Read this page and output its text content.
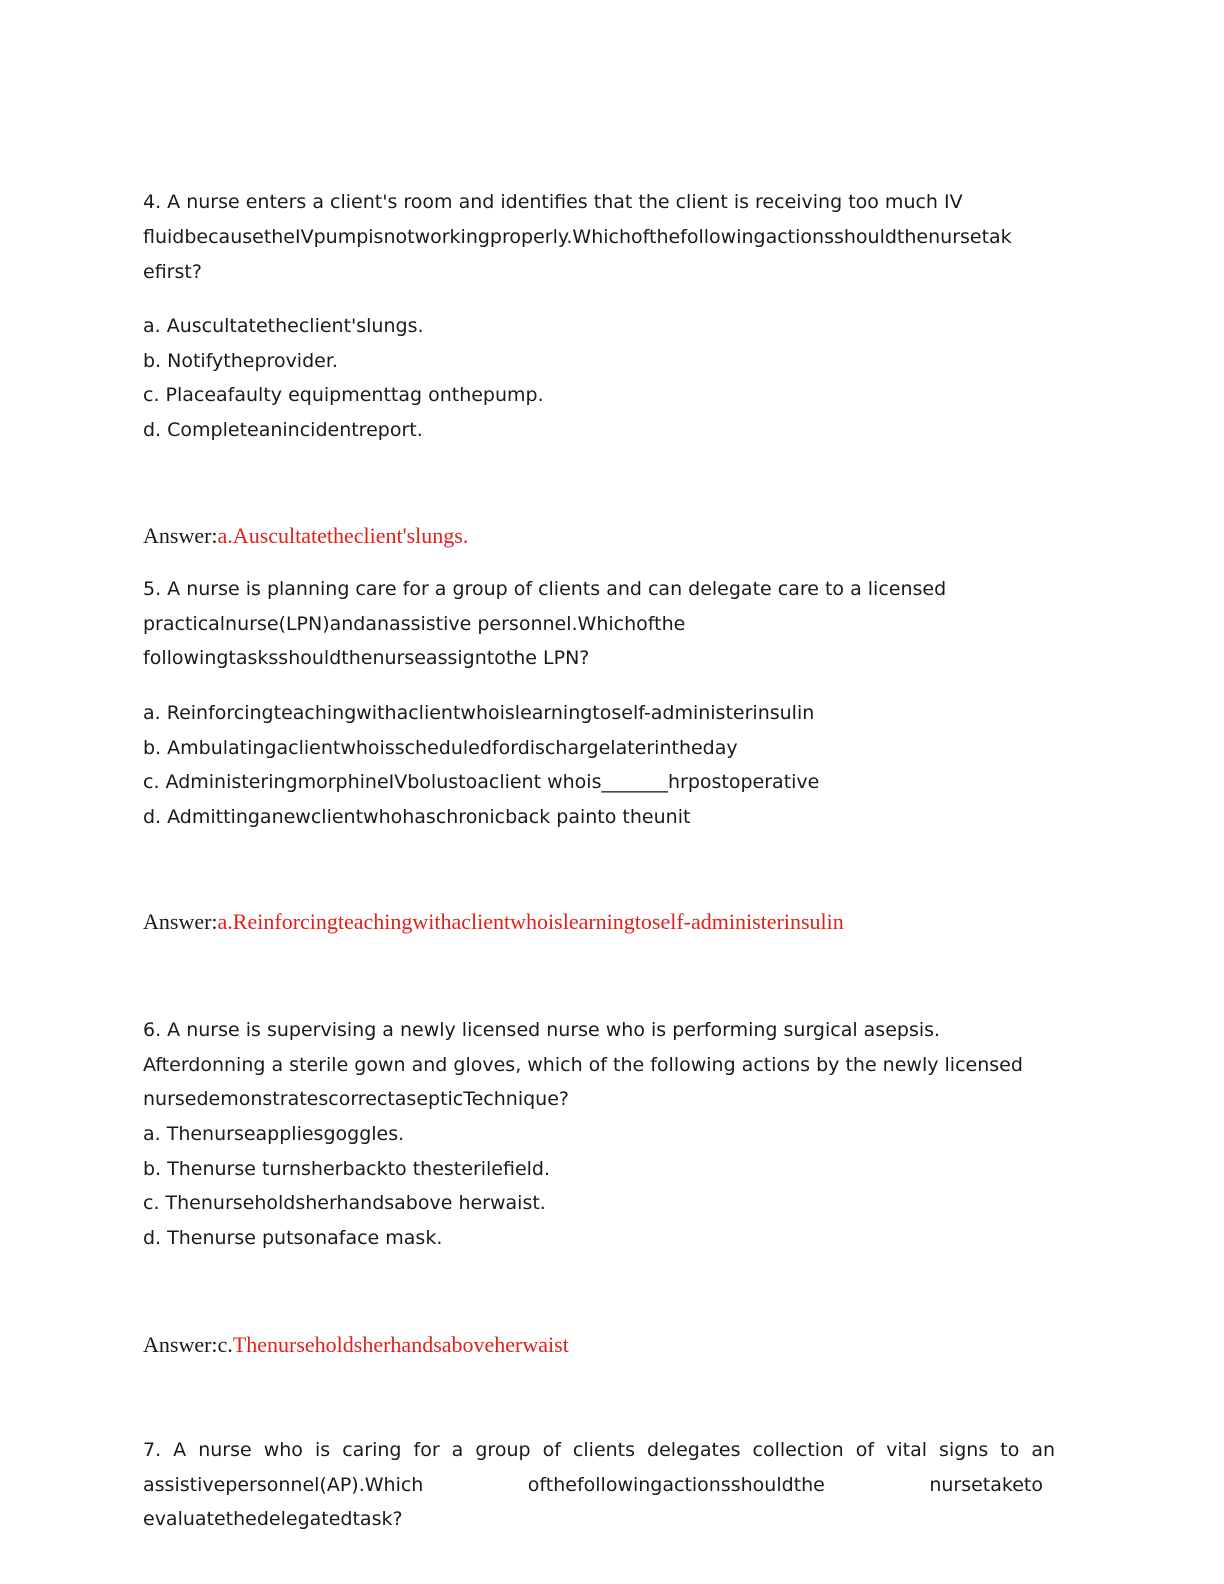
4. A nurse enters a client's room and identifies that the client is receiving too much IV
fluidbecausetheIVpumpisnotworkingproperly.Whichofthefollowingactionsshouldthenursetak
efirst?
a. Auscultatetheclient'slungs.
b. Notifytheprovider.
c. Placeafaulty equipmenttag onthepump.
d. Completeanincidentreport.
Answer:a.Auscultatetheclient'slungs.
5. A nurse is planning care for a group of clients and can delegate care to a licensed
practicalnurse(LPN)andanassistive personnel.Whichofthe
followingtasksshouldthenurseassigntothe LPN?
a. Reinforcingteachingwithaclientwhoislearningtoself-administerinsulin
b. Ambulatingaclientwhoisscheduledfordischargelaterintheday
c. AdministeringmorphineIVbolustoaclient whois_______hrpostoperative
d. Admittinganewclientwhohaschronicback painto theunit
Answer:a.Reinforcingteachingwithaclientwhoislearningtoself-administerinsulin
6. A nurse is supervising a newly licensed nurse who is performing surgical asepsis.
Afterdonning a sterile gown and gloves, which of the following actions by the newly licensed
nursedemonstratescorrectasepticTechnique?
a. Thenurseappliesgoggles.
b. Thenurse turnsherbackto thesterilefield.
c. Thenurseholdsherhandsabove herwaist.
d. Thenurse putsonaface mask.
Answer:c.Thenurseholdsherhandsaboveherwaist
7. A nurse who is caring for a group of clients delegates collection of vital signs to an
assistivepersonnel(AP).Which	ofthefollowingactionsshouldthe	nursetaketo
evaluatethedelegatedtask?
